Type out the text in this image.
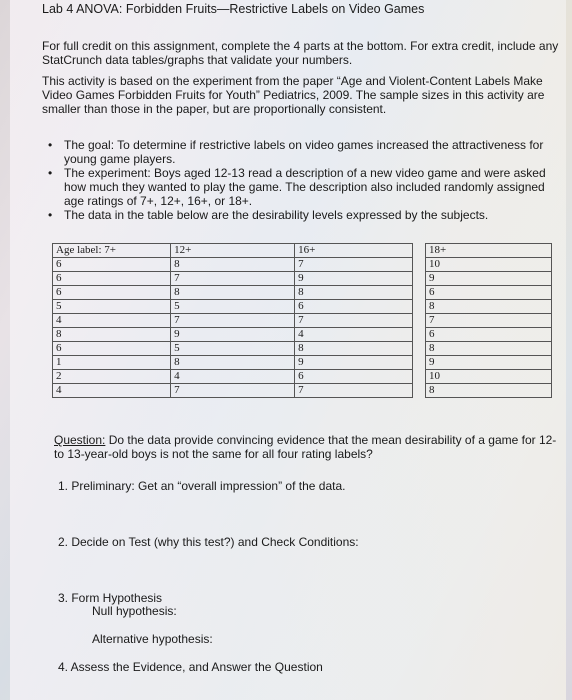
Lab 4 ANOVA: Forbidden Fruits—Restrictive Labels on Video Games
For full credit on this assignment, complete the 4 parts at the bottom. For extra credit, include any StatCrunch data tables/graphs that validate your numbers.
This activity is based on the experiment from the paper “Age and Violent-Content Labels Make Video Games Forbidden Fruits for Youth” Pediatrics, 2009. The sample sizes in this activity are smaller than those in the paper, but are proportionally consistent.
• The goal: To determine if restrictive labels on video games increased the attractiveness for young game players.
• The experiment: Boys aged 12-13 read a description of a new video game and were asked how much they wanted to play the game. The description also included randomly assigned age ratings of 7+, 12+, 16+, or 18+.
• The data in the table below are the desirability levels expressed by the subjects.
Age label: 7+	12+	16+		18+
6	8	7		10
6	7	9		9
6	8	8		6
5	5	6		8
4	7	7		7
8	9	4		6
6	5	8		8
1	8	9		9
2	4	6		10
4	7	7		8
Question: Do the data provide convincing evidence that the mean desirability of a game for 12-to 13-year-old boys is not the same for all four rating labels?
1. Preliminary: Get an “overall impression” of the data.
2. Decide on Test (why this test?) and Check Conditions:
3. Form Hypothesis
Null hypothesis:
Alternative hypothesis:
4. Assess the Evidence, and Answer the Question
